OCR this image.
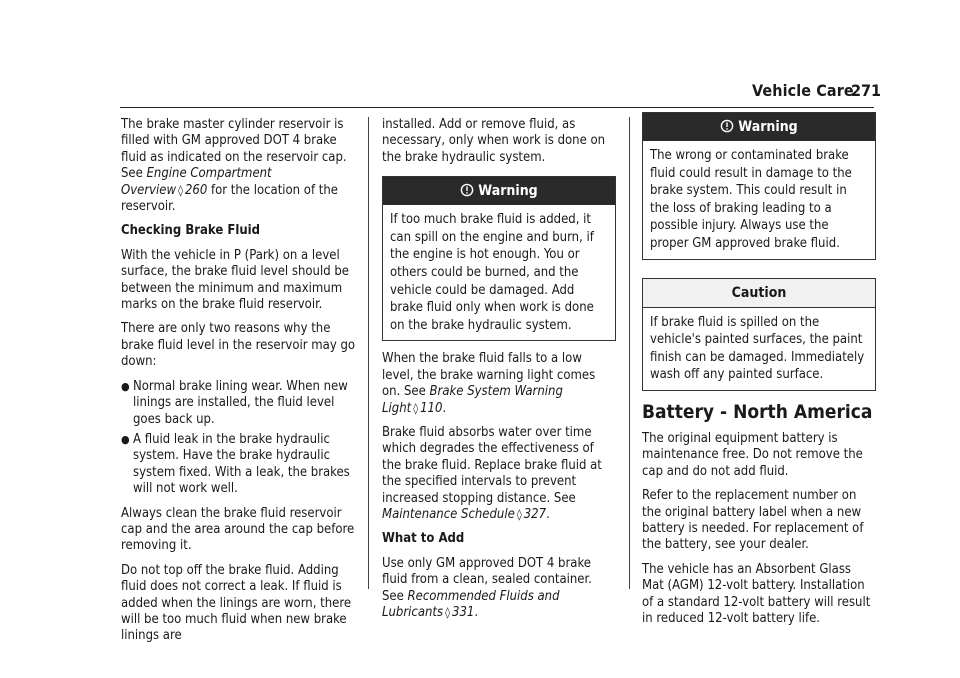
Vehicle Care
271

The brake master cylinder reservoir is filled with GM approved DOT 4 brake fluid as indicated on the reservoir cap. See Engine Compartment Overview ◊ 260 for the location of the reservoir.

Checking Brake Fluid

With the vehicle in P (Park) on a level surface, the brake fluid level should be between the minimum and maximum marks on the brake fluid reservoir.

There are only two reasons why the brake fluid level in the reservoir may go down:

● Normal brake lining wear. When new linings are installed, the fluid level goes back up.
● A fluid leak in the brake hydraulic system. Have the brake hydraulic system fixed. With a leak, the brakes will not work well.

Always clean the brake fluid reservoir cap and the area around the cap before removing it.

Do not top off the brake fluid. Adding fluid does not correct a leak. If fluid is added when the linings are worn, there will be too much fluid when new brake linings are

installed. Add or remove fluid, as necessary, only when work is done on the brake hydraulic system.

Warning
If too much brake fluid is added, it can spill on the engine and burn, if the engine is hot enough. You or others could be burned, and the vehicle could be damaged. Add brake fluid only when work is done on the brake hydraulic system.

When the brake fluid falls to a low level, the brake warning light comes on. See Brake System Warning Light ◊ 110.

Brake fluid absorbs water over time which degrades the effectiveness of the brake fluid. Replace brake fluid at the specified intervals to prevent increased stopping distance. See Maintenance Schedule ◊ 327.

What to Add

Use only GM approved DOT 4 brake fluid from a clean, sealed container. See Recommended Fluids and Lubricants ◊ 331.

Warning
The wrong or contaminated brake fluid could result in damage to the brake system. This could result in the loss of braking leading to a possible injury. Always use the proper GM approved brake fluid.
Caution
If brake fluid is spilled on the vehicle's painted surfaces, the paint finish can be damaged. Immediately wash off any painted surface.
Battery - North America

The original equipment battery is maintenance free. Do not remove the cap and do not add fluid.

Refer to the replacement number on the original battery label when a new battery is needed. For replacement of the battery, see your dealer.

The vehicle has an Absorbent Glass Mat (AGM) 12-volt battery. Installation of a standard 12-volt battery will result in reduced 12-volt battery life.
